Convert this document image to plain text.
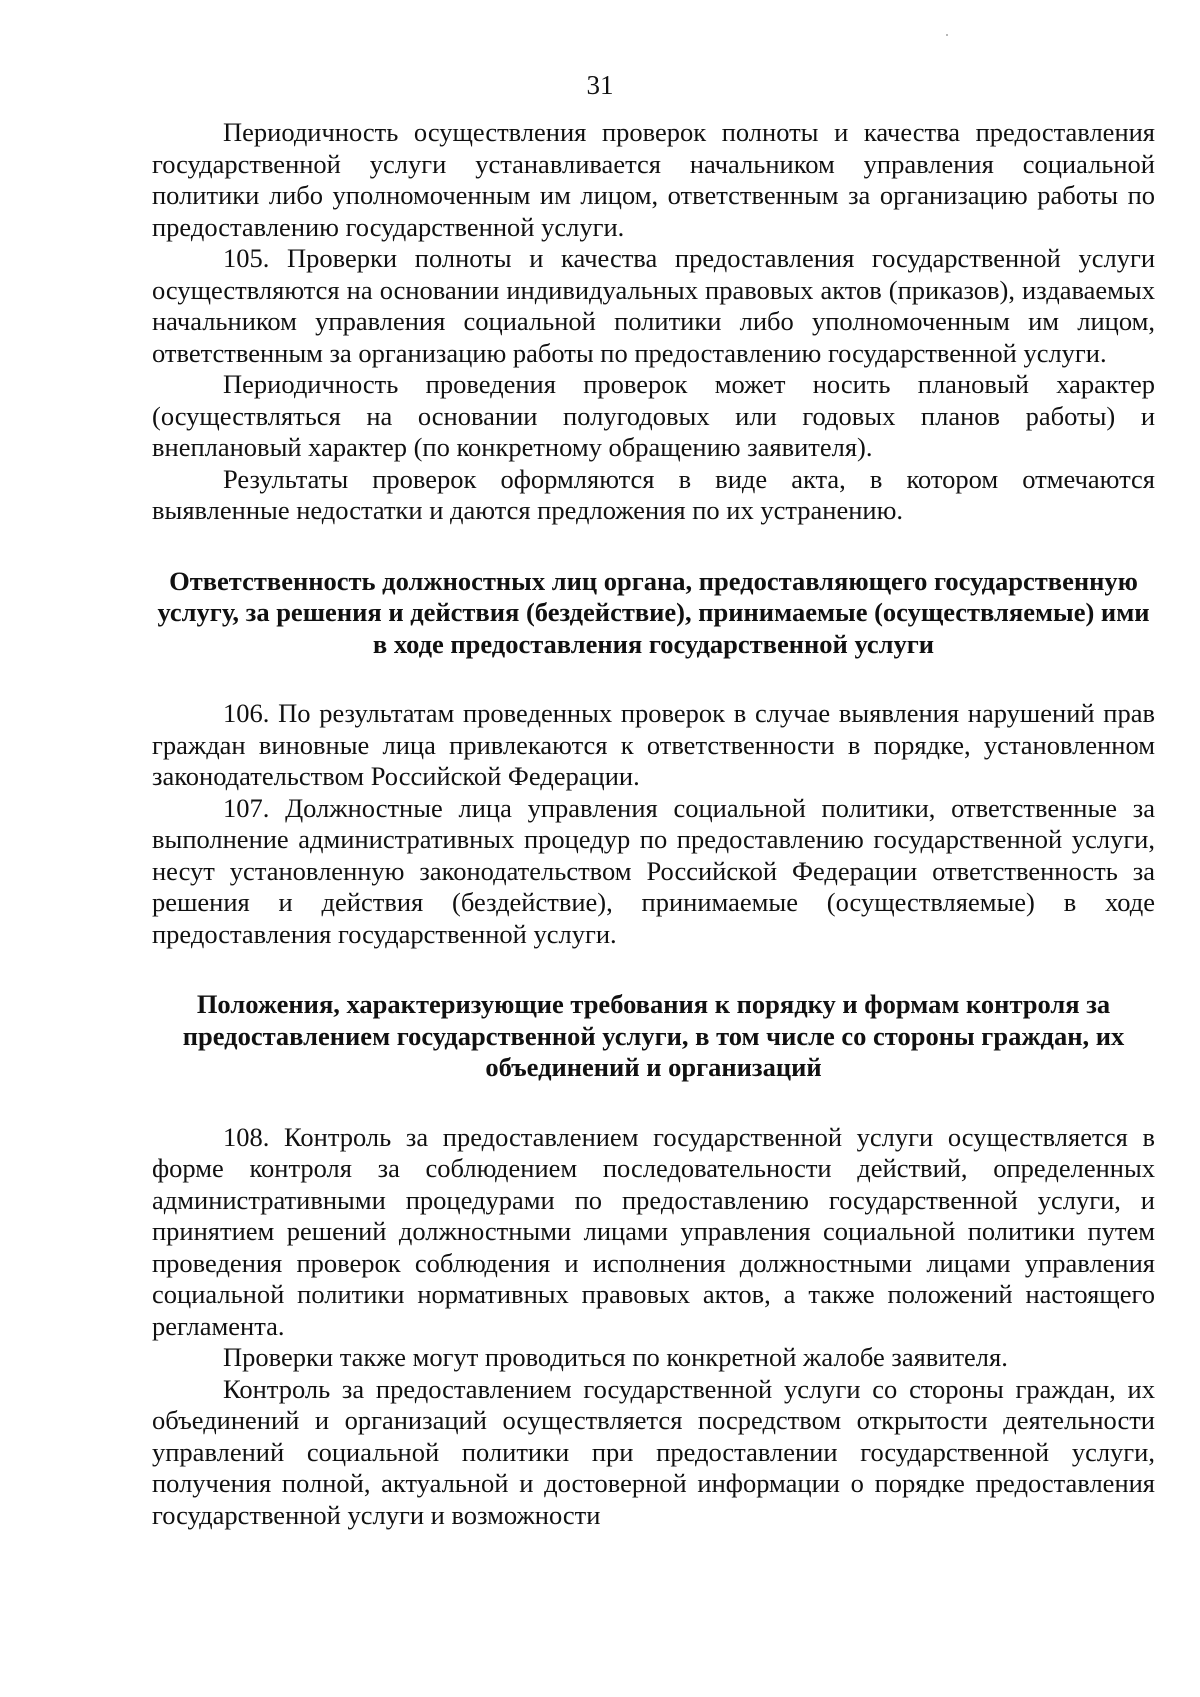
31

Периодичность осуществления проверок полноты и качества предоставления государственной услуги устанавливается начальником управления социальной политики либо уполномоченным им лицом, ответственным за организацию работы по предоставлению государственной услуги.

105. Проверки полноты и качества предоставления государственной услуги осуществляются на основании индивидуальных правовых актов (приказов), издаваемых начальником управления социальной политики либо уполномоченным им лицом, ответственным за организацию работы по предоставлению государственной услуги.

Периодичность проведения проверок может носить плановый характер (осуществляться на основании полугодовых или годовых планов работы) и внеплановый характер (по конкретному обращению заявителя).

Результаты проверок оформляются в виде акта, в котором отмечаются выявленные недостатки и даются предложения по их устранению.

Ответственность должностных лиц органа, предоставляющего государственную услугу, за решения и действия (бездействие), принимаемые (осуществляемые) ими в ходе предоставления государственной услуги

106. По результатам проведенных проверок в случае выявления нарушений прав граждан виновные лица привлекаются к ответственности в порядке, установленном законодательством Российской Федерации.

107. Должностные лица управления социальной политики, ответственные за выполнение административных процедур по предоставлению государственной услуги, несут установленную законодательством Российской Федерации ответственность за решения и действия (бездействие), принимаемые (осуществляемые) в ходе предоставления государственной услуги.

Положения, характеризующие требования к порядку и формам контроля за предоставлением государственной услуги, в том числе со стороны граждан, их объединений и организаций

108. Контроль за предоставлением государственной услуги осуществляется в форме контроля за соблюдением последовательности действий, определенных административными процедурами по предоставлению государственной услуги, и принятием решений должностными лицами управления социальной политики путем проведения проверок соблюдения и исполнения должностными лицами управления социальной политики нормативных правовых актов, а также положений настоящего регламента.

Проверки также могут проводиться по конкретной жалобе заявителя.

Контроль за предоставлением государственной услуги со стороны граждан, их объединений и организаций осуществляется посредством открытости деятельности управлений социальной политики при предоставлении государственной услуги, получения полной, актуальной и достоверной информации о порядке предоставления государственной услуги и возможности
